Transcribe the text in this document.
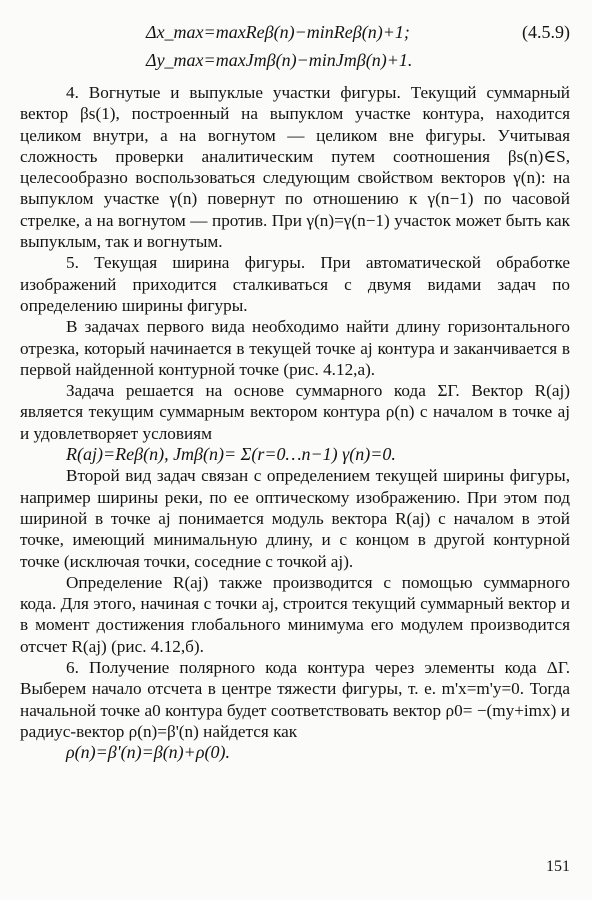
Δx_max=maxReβ(n)−minReβ(n)+1;	(4.5.9)
Δy_max=maxJmβ(n)−minJmβ(n)+1.

4. Вогнутые и выпуклые участки фигуры. Текущий суммарный вектор βs(1), построенный на выпуклом участке контура, находится целиком внутри, а на вогнутом — целиком вне фигуры. Учитывая сложность проверки аналитическим путем соотношения βs(n)∈S, целесообразно воспользоваться следующим свойством векторов γ(n): на выпуклом участке γ(n) повернут по отношению к γ(n−1) по часовой стрелке, а на вогнутом — против. При γ(n)=γ(n−1) участок может быть как выпуклым, так и вогнутым.

5. Текущая ширина фигуры. При автоматической обработке изображений приходится сталкиваться с двумя видами задач по определению ширины фигуры.

В задачах первого вида необходимо найти длину горизонтального отрезка, который начинается в текущей точке aj контура и заканчивается в первой найденной контурной точке (рис. 4.12,а).

Задача решается на основе суммарного кода ΣΓ. Вектор R(aj) является текущим суммарным вектором контура ρ(n) с началом в точке aj и удовлетворяет условиям

R(aj)=Reβ(n), Jmβ(n)= Σ(r=0…n−1) γ(n)=0.

Второй вид задач связан с определением текущей ширины фигуры, например ширины реки, по ее оптическому изображению. При этом под шириной в точке aj понимается модуль вектора R(aj) с началом в этой точке, имеющий минимальную длину, и с концом в другой контурной точке (исключая точки, соседние с точкой aj).

Определение R(aj) также производится с помощью суммарного кода. Для этого, начиная с точки aj, строится текущий суммарный вектор и в момент достижения глобального минимума его модулем производится отсчет R(aj) (рис. 4.12,б).

6. Получение полярного кода контура через элементы кода ΔΓ. Выберем начало отсчета в центре тяжести фигуры, т. е. m'x=m'y=0. Тогда начальной точке a0 контура будет соответствовать вектор ρ0= −(my+imx) и радиус-вектор ρ(n)=β'(n) найдется как

ρ(n)=β'(n)=β(n)+ρ(0).

151
